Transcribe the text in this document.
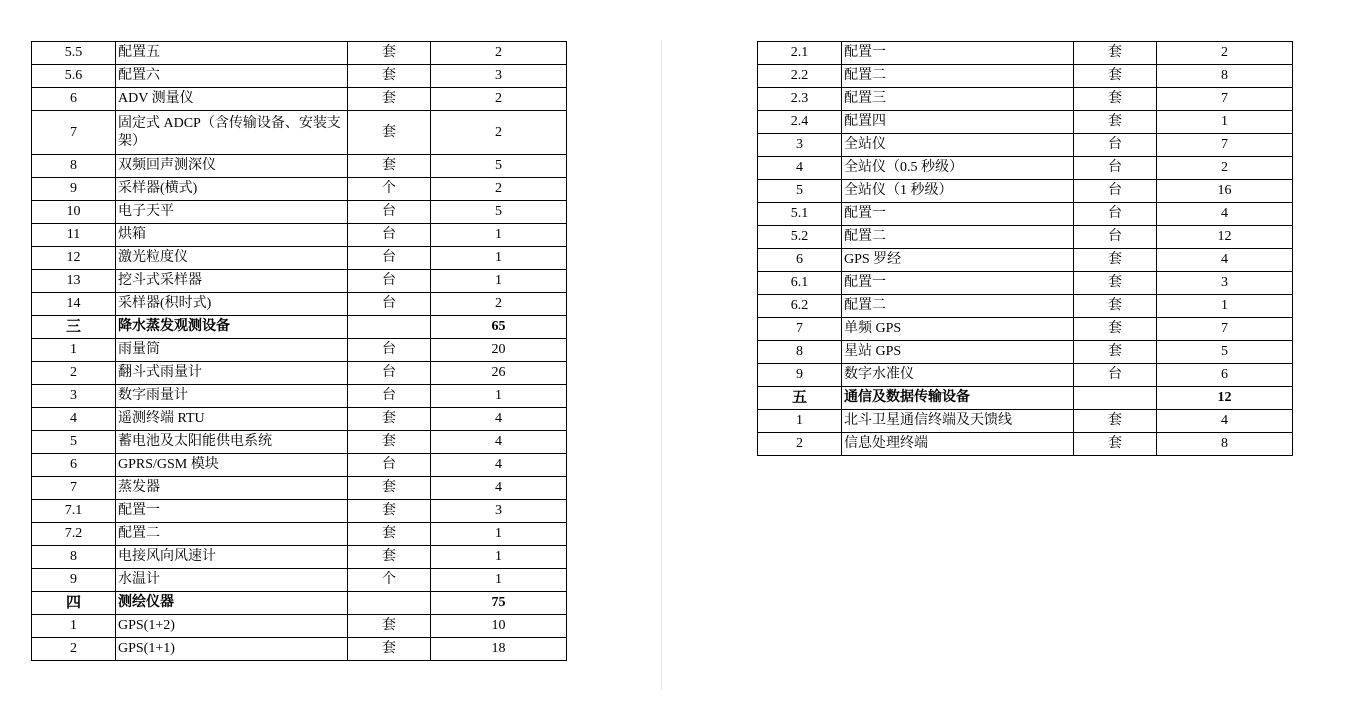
5.5	配置五	套	2
5.6	配置六	套	3
6	ADV 测量仪	套	2
7	固定式 ADCP（含传输设备、安装支架）	套	2
8	双频回声测深仪	套	5
9	采样器(横式)	个	2
10	电子天平	台	5
11	烘箱	台	1
12	激光粒度仪	台	1
13	挖斗式采样器	台	1
14	采样器(积时式)	台	2
三	降水蒸发观测设备		65
1	雨量筒	台	20
2	翻斗式雨量计	台	26
3	数字雨量计	台	1
4	遥测终端 RTU	套	4
5	蓄电池及太阳能供电系统	套	4
6	GPRS/GSM 模块	台	4
7	蒸发器	套	4
7.1	配置一	套	3
7.2	配置二	套	1
8	电接风向风速计	套	1
9	水温计	个	1
四	测绘仪器		75
1	GPS(1+2)	套	10
2	GPS(1+1)	套	18
2.1	配置一	套	2
2.2	配置二	套	8
2.3	配置三	套	7
2.4	配置四	套	1
3	全站仪	台	7
4	全站仪（0.5 秒级）	台	2
5	全站仪（1 秒级）	台	16
5.1	配置一	台	4
5.2	配置二	台	12
6	GPS 罗经	套	4
6.1	配置一	套	3
6.2	配置二	套	1
7	单频 GPS	套	7
8	星站 GPS	套	5
9	数字水准仪	台	6
五	通信及数据传输设备		12
1	北斗卫星通信终端及天馈线	套	4
2	信息处理终端	套	8
